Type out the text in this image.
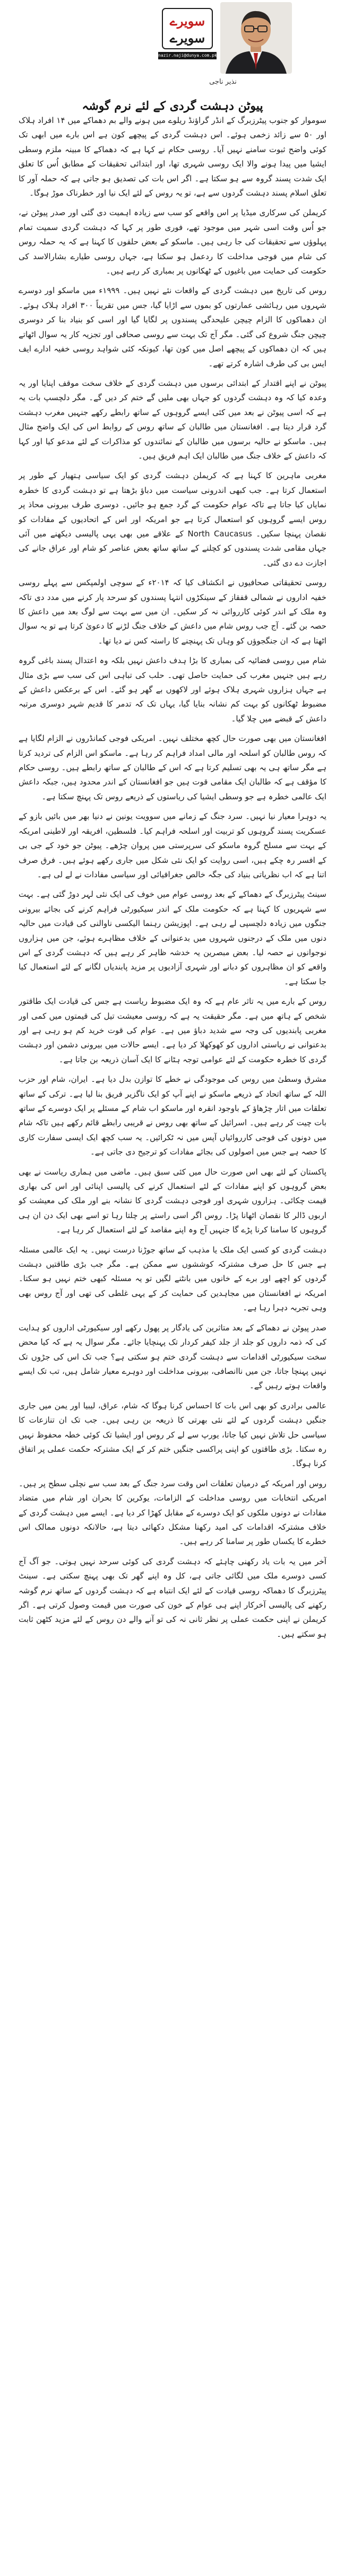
سویرے
سویرے
nazir.naji@dunya.com.pk
نذیر ناجی
پیوٹن دہشت گردی کے لئے نرم گوشہ

سوموار کو جنوب پیٹرزبرگ کے انڈر گراؤنڈ ریلوے میں ہونے والے بم دھماکے میں ۱۴ افراد ہلاک اور ۵۰ سے زائد زخمی ہوئے۔ اس دہشت گردی کے پیچھے کون ہے اس بارے میں ابھی تک کوئی واضح ثبوت سامنے نہیں آیا۔ روسی حکام نے کہا ہے کہ دھماکے کا مبینہ ملزم وسطی ایشیا میں پیدا ہونے والا ایک روسی شہری تھا، اور ابتدائی تحقیقات کے مطابق اُس کا تعلق ایک شدت پسند گروہ سے ہو سکتا ہے۔ اگر اس بات کی تصدیق ہو جاتی ہے کہ حملہ آور کا تعلق اسلام پسند دہشت گردوں سے ہے، تو یہ روس کے لئے ایک نیا اور خطرناک موڑ ہوگا۔

کریملن کی سرکاری میڈیا پر اس واقعے کو سب سے زیادہ اہمیت دی گئی اور صدر پیوٹن نے، جو اُس وقت اسی شہر میں موجود تھے، فوری طور پر کہا کہ دہشت گردی سمیت تمام پہلوؤں سے تحقیقات کی جا رہی ہیں۔ ماسکو کے بعض حلقوں کا کہنا ہے کہ یہ حملہ روس کی شام میں فوجی مداخلت کا ردعمل ہو سکتا ہے، جہاں روسی طیارے بشارالاسد کی حکومت کی حمایت میں باغیوں کے ٹھکانوں پر بمباری کر رہے ہیں۔

روس کی تاریخ میں دہشت گردی کے واقعات نئے نہیں ہیں۔ ۱۹۹۹ء میں ماسکو اور دوسرے شہروں میں رہائشی عمارتوں کو بموں سے اڑایا گیا، جس میں تقریباً ۳۰۰ افراد ہلاک ہوئے۔ ان دھماکوں کا الزام چیچن علیحدگی پسندوں پر لگایا گیا اور اسی کو بنیاد بنا کر دوسری چیچن جنگ شروع کی گئی۔ مگر آج تک بہت سے روسی صحافی اور تجزیہ کار یہ سوال اٹھاتے ہیں کہ ان دھماکوں کے پیچھے اصل میں کون تھا، کیونکہ کئی شواہد روسی خفیہ ادارے ایف ایس بی کی طرف اشارہ کرتے تھے۔

پیوٹن نے اپنے اقتدار کے ابتدائی برسوں میں دہشت گردی کے خلاف سخت موقف اپنایا اور یہ وعدہ کیا کہ وہ دہشت گردوں کو جہاں بھی ملیں گے ختم کر دیں گے۔ مگر دلچسپ بات یہ ہے کہ اسی پیوٹن نے بعد میں کئی ایسے گروہوں کے ساتھ رابطے رکھے جنہیں مغرب دہشت گرد قرار دیتا ہے۔ افغانستان میں طالبان کے ساتھ روس کے روابط اس کی ایک واضح مثال ہیں۔ ماسکو نے حالیہ برسوں میں طالبان کے نمائندوں کو مذاکرات کے لئے مدعو کیا اور کہا کہ داعش کے خلاف جنگ میں طالبان ایک اہم فریق ہیں۔

مغربی ماہرین کا کہنا ہے کہ کریملن دہشت گردی کو ایک سیاسی ہتھیار کے طور پر استعمال کرتا ہے۔ جب کبھی اندرونی سیاست میں دباؤ بڑھتا ہے تو دہشت گردی کا خطرہ نمایاں کیا جاتا ہے تاکہ عوام حکومت کے گرد جمع ہو جائیں۔ دوسری طرف بیرونی محاذ پر روس ایسے گروہوں کو استعمال کرتا ہے جو امریکہ اور اس کے اتحادیوں کے مفادات کو نقصان پہنچا سکیں۔ North Caucasus کے علاقے میں بھی یہی پالیسی دیکھنے میں آئی جہاں مقامی شدت پسندوں کو کچلنے کے ساتھ ساتھ بعض عناصر کو شام اور عراق جانے کی اجازت دے دی گئی۔

روسی تحقیقاتی صحافیوں نے انکشاف کیا کہ ۲۰۱۴ء کے سوچی اولمپکس سے پہلے روسی خفیہ اداروں نے شمالی قفقاز کے سینکڑوں انتہا پسندوں کو سرحد پار کرنے میں مدد دی تاکہ وہ ملک کے اندر کوئی کارروائی نہ کر سکیں۔ ان میں سے بہت سے لوگ بعد میں داعش کا حصہ بن گئے۔ آج جب روس شام میں داعش کے خلاف جنگ لڑنے کا دعویٰ کرتا ہے تو یہ سوال اٹھتا ہے کہ ان جنگجوؤں کو وہاں تک پہنچنے کا راستہ کس نے دیا تھا۔

شام میں روسی فضائیہ کی بمباری کا بڑا ہدف داعش نہیں بلکہ وہ اعتدال پسند باغی گروہ رہے ہیں جنہیں مغرب کی حمایت حاصل تھی۔ حلب کی تباہی اس کی سب سے بڑی مثال ہے جہاں ہزاروں شہری ہلاک ہوئے اور لاکھوں بے گھر ہو گئے۔ اس کے برعکس داعش کے مضبوط ٹھکانوں کو بہت کم نشانہ بنایا گیا، یہاں تک کہ تدمر کا قدیم شہر دوسری مرتبہ داعش کے قبضے میں چلا گیا۔

افغانستان میں بھی صورت حال کچھ مختلف نہیں۔ امریکی فوجی کمانڈروں نے الزام لگایا ہے کہ روس طالبان کو اسلحہ اور مالی امداد فراہم کر رہا ہے۔ ماسکو اس الزام کی تردید کرتا ہے مگر ساتھ ہی یہ بھی تسلیم کرتا ہے کہ اس کے طالبان کے ساتھ رابطے ہیں۔ روسی حکام کا مؤقف ہے کہ طالبان ایک مقامی قوت ہیں جو افغانستان کے اندر محدود ہیں، جبکہ داعش ایک عالمی خطرہ ہے جو وسطی ایشیا کی ریاستوں کے ذریعے روس تک پہنچ سکتا ہے۔

یہ دوہرا معیار نیا نہیں۔ سرد جنگ کے زمانے میں سوویت یونین نے دنیا بھر میں بائیں بازو کے عسکریت پسند گروہوں کو تربیت اور اسلحہ فراہم کیا۔ فلسطین، افریقہ اور لاطینی امریکہ کے بہت سے مسلح گروہ ماسکو کی سرپرستی میں پروان چڑھے۔ پیوٹن جو خود کے جی بی کے افسر رہ چکے ہیں، اسی روایت کو ایک نئی شکل میں جاری رکھے ہوئے ہیں۔ فرق صرف اتنا ہے کہ اب نظریاتی بنیاد کی جگہ خالص جغرافیائی اور سیاسی مفادات نے لے لی ہے۔

سینٹ پیٹرزبرگ کے دھماکے کے بعد روسی عوام میں خوف کی ایک نئی لہر دوڑ گئی ہے۔ بہت سے شہریوں کا کہنا ہے کہ حکومت ملک کے اندر سیکیورٹی فراہم کرنے کی بجائے بیرونی جنگوں میں زیادہ دلچسپی لے رہی ہے۔ اپوزیشن رہنما الیکسی ناوالنی کی قیادت میں حالیہ دنوں میں ملک کے درجنوں شہروں میں بدعنوانی کے خلاف مظاہرے ہوئے، جن میں ہزاروں نوجوانوں نے حصہ لیا۔ بعض مبصرین یہ خدشہ ظاہر کر رہے ہیں کہ دہشت گردی کے اس واقعے کو ان مظاہروں کو دبانے اور شہری آزادیوں پر مزید پابندیاں لگانے کے لئے استعمال کیا جا سکتا ہے۔

روس کے بارے میں یہ تاثر عام ہے کہ وہ ایک مضبوط ریاست ہے جس کی قیادت ایک طاقتور شخص کے ہاتھ میں ہے۔ مگر حقیقت یہ ہے کہ روسی معیشت تیل کی قیمتوں میں کمی اور مغربی پابندیوں کی وجہ سے شدید دباؤ میں ہے۔ عوام کی قوت خرید کم ہو رہی ہے اور بدعنوانی نے ریاستی اداروں کو کھوکھلا کر دیا ہے۔ ایسے حالات میں بیرونی دشمن اور دہشت گردی کا خطرہ حکومت کے لئے عوامی توجہ ہٹانے کا ایک آسان ذریعہ بن جاتا ہے۔

مشرق وسطیٰ میں روس کی موجودگی نے خطے کا توازن بدل دیا ہے۔ ایران، شام اور حزب اللہ کے ساتھ اتحاد کے ذریعے ماسکو نے اپنے آپ کو ایک ناگزیر فریق بنا لیا ہے۔ ترکی کے ساتھ تعلقات میں اتار چڑھاؤ کے باوجود انقرہ اور ماسکو اب شام کے مسئلے پر ایک دوسرے کے ساتھ بات چیت کر رہے ہیں۔ اسرائیل کے ساتھ بھی روس نے قریبی رابطے قائم رکھے ہیں تاکہ شام میں دونوں کی فوجی کارروائیاں آپس میں نہ ٹکرائیں۔ یہ سب کچھ ایک ایسی سفارت کاری کا حصہ ہے جس میں اصولوں کی بجائے مفادات کو ترجیح دی جاتی ہے۔

پاکستان کے لئے بھی اس صورت حال میں کئی سبق ہیں۔ ماضی میں ہماری ریاست نے بھی بعض گروہوں کو اپنے مفادات کے لئے استعمال کرنے کی پالیسی اپنائی اور اس کی بھاری قیمت چکائی۔ ہزاروں شہری اور فوجی دہشت گردی کا نشانہ بنے اور ملک کی معیشت کو اربوں ڈالر کا نقصان اٹھانا پڑا۔ روس اگر اسی راستے پر چلتا رہا تو اسے بھی ایک دن ان ہی گروہوں کا سامنا کرنا پڑے گا جنہیں آج وہ اپنے مقاصد کے لئے استعمال کر رہا ہے۔

دہشت گردی کو کسی ایک ملک یا مذہب کے ساتھ جوڑنا درست نہیں۔ یہ ایک عالمی مسئلہ ہے جس کا حل صرف مشترکہ کوششوں سے ممکن ہے۔ مگر جب بڑی طاقتیں دہشت گردوں کو اچھے اور برے کے خانوں میں بانٹنے لگیں تو یہ مسئلہ کبھی ختم نہیں ہو سکتا۔ امریکہ نے افغانستان میں مجاہدین کی حمایت کر کے یہی غلطی کی تھی اور آج روس بھی وہی تجربہ دہرا رہا ہے۔

صدر پیوٹن نے دھماکے کے بعد متاثرین کی یادگار پر پھول رکھے اور سیکیورٹی اداروں کو ہدایت کی کہ ذمہ داروں کو جلد از جلد کیفر کردار تک پہنچایا جائے۔ مگر سوال یہ ہے کہ کیا محض سخت سیکیورٹی اقدامات سے دہشت گردی ختم ہو سکتی ہے؟ جب تک اس کی جڑوں تک نہیں پہنچا جاتا، جن میں ناانصافی، بیرونی مداخلت اور دوہرے معیار شامل ہیں، تب تک ایسے واقعات ہوتے رہیں گے۔

عالمی برادری کو بھی اس بات کا احساس کرنا ہوگا کہ شام، عراق، لیبیا اور یمن میں جاری جنگیں دہشت گردوں کے لئے نئی بھرتی کا ذریعہ بن رہی ہیں۔ جب تک ان تنازعات کا سیاسی حل تلاش نہیں کیا جاتا، یورپ سے لے کر روس اور ایشیا تک کوئی خطہ محفوظ نہیں رہ سکتا۔ بڑی طاقتوں کو اپنی پراکسی جنگیں ختم کر کے ایک مشترکہ حکمت عملی پر اتفاق کرنا ہوگا۔

روس اور امریکہ کے درمیان تعلقات اس وقت سرد جنگ کے بعد سب سے نچلی سطح پر ہیں۔ امریکی انتخابات میں روسی مداخلت کے الزامات، یوکرین کا بحران اور شام میں متضاد مفادات نے دونوں ملکوں کو ایک دوسرے کے مقابل کھڑا کر دیا ہے۔ ایسے میں دہشت گردی کے خلاف مشترکہ اقدامات کی امید رکھنا مشکل دکھائی دیتا ہے، حالانکہ دونوں ممالک اس خطرے کا یکساں طور پر سامنا کر رہے ہیں۔

آخر میں یہ بات یاد رکھنی چاہئے کہ دہشت گردی کی کوئی سرحد نہیں ہوتی۔ جو آگ آج کسی دوسرے ملک میں لگائی جاتی ہے، کل وہ اپنے گھر تک بھی پہنچ سکتی ہے۔ سینٹ پیٹرزبرگ کا دھماکہ روسی قیادت کے لئے ایک انتباہ ہے کہ دہشت گردوں کے ساتھ نرم گوشہ رکھنے کی پالیسی آخرکار اپنے ہی عوام کے خون کی صورت میں قیمت وصول کرتی ہے۔ اگر کریملن نے اپنی حکمت عملی پر نظر ثانی نہ کی تو آنے والے دن روس کے لئے مزید کٹھن ثابت ہو سکتے ہیں۔
